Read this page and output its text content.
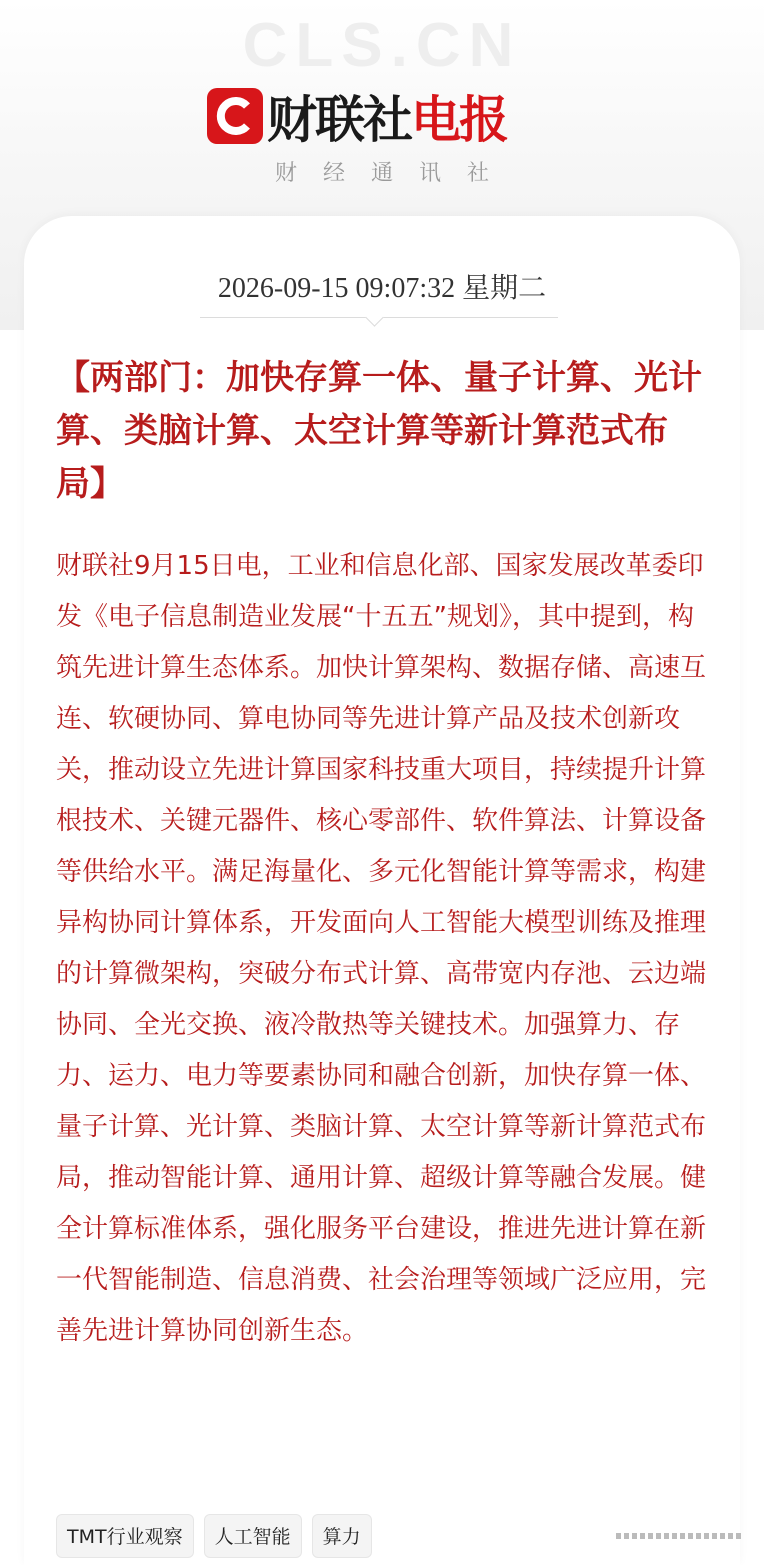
CLS.CN
财联社 电报
财经通讯社
2026-09-15 09:07:32 星期二
【两部门：加快存算一体、量子计算、光计算、类脑计算、太空计算等新计算范式布局】

财联社9月15日电，工业和信息化部、国家发展改革委印发《电子信息制造业发展“十五五”规划》，其中提到，构筑先进计算生态体系。加快计算架构、数据存储、高速互连、软硬协同、算电协同等先进计算产品及技术创新攻关，推动设立先进计算国家科技重大项目，持续提升计算根技术、关键元器件、核心零部件、软件算法、计算设备等供给水平。满足海量化、多元化智能计算等需求，构建异构协同计算体系，开发面向人工智能大模型训练及推理的计算微架构，突破分布式计算、高带宽内存池、云边端协同、全光交换、液冷散热等关键技术。加强算力、存力、运力、电力等要素协同和融合创新，加快存算一体、量子计算、光计算、类脑计算、太空计算等新计算范式布局，推动智能计算、通用计算、超级计算等融合发展。健全计算标准体系，强化服务平台建设，推进先进计算在新一代智能制造、信息消费、社会治理等领域广泛应用，完善先进计算协同创新生态。

TMT行业观察	人工智能	算力
